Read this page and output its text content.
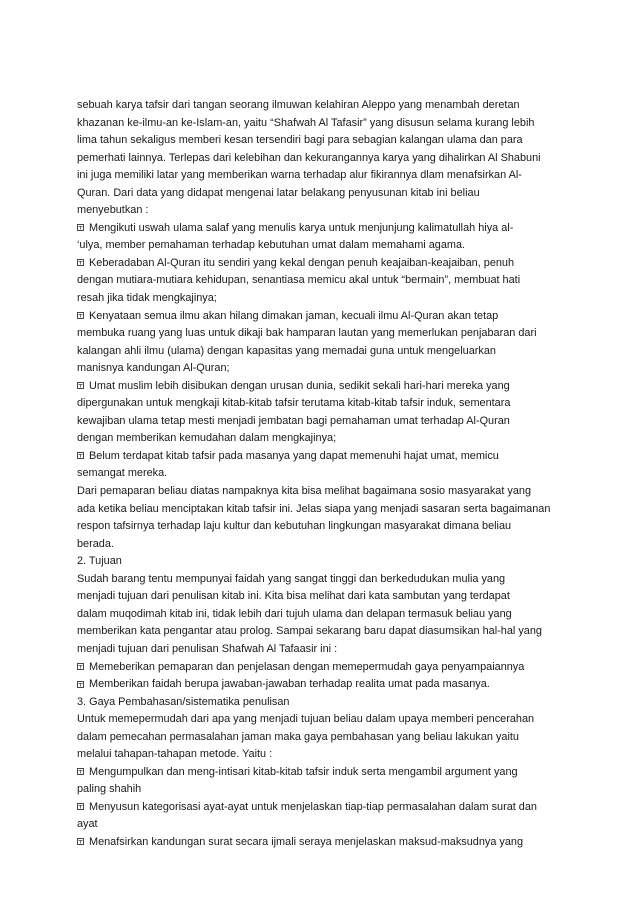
sebuah karya tafsir dari tangan seorang ilmuwan kelahiran Aleppo yang menambah deretan
khazanan ke-ilmu-an ke-Islam-an, yaitu “Shafwah Al Tafasir” yang disusun selama kurang lebih
lima tahun sekaligus memberi kesan tersendiri bagi para sebagian kalangan ulama dan para
pemerhati lainnya. Terlepas dari kelebihan dan kekurangannya karya yang dihalirkan Al Shabuni
ini juga memiliki latar yang memberikan warna terhadap alur fikirannya dlam menafsirkan Al-
Quran. Dari data yang didapat mengenai latar belakang penyusunan kitab ini beliau
menyebutkan :
Mengikuti uswah ulama salaf yang menulis karya untuk menjunjung kalimatullah hiya al-
‘ulya, member pemahaman terhadap kebutuhan umat dalam memahami agama.
Keberadaban Al-Quran itu sendiri yang kekal dengan penuh keajaiban-keajaiban, penuh
dengan mutiara-mutiara kehidupan, senantiasa memicu akal untuk “bermain”, membuat hati
resah jika tidak mengkajinya;
Kenyataan semua ilmu akan hilang dimakan jaman, kecuali ilmu Al-Quran akan tetap
membuka ruang yang luas untuk dikaji bak hamparan lautan yang memerlukan penjabaran dari
kalangan ahli ilmu (ulama) dengan kapasitas yang memadai guna untuk mengeluarkan
manisnya kandungan Al-Quran;
Umat muslim lebih disibukan dengan urusan dunia, sedikit sekali hari-hari mereka yang
dipergunakan untuk mengkaji kitab-kitab tafsir terutama kitab-kitab tafsir induk, sementara
kewajiban ulama tetap mesti menjadi jembatan bagi pemahaman umat terhadap Al-Quran
dengan memberikan kemudahan dalam mengkajinya;
Belum terdapat kitab tafsir pada masanya yang dapat memenuhi hajat umat, memicu
semangat mereka.
Dari pemaparan beliau diatas nampaknya kita bisa melihat bagaimana sosio masyarakat yang
ada ketika beliau menciptakan kitab tafsir ini. Jelas siapa yang menjadi sasaran serta bagaimanan
respon tafsirnya terhadap laju kultur dan kebutuhan lingkungan masyarakat dimana beliau
berada.
2. Tujuan
Sudah barang tentu mempunyai faidah yang sangat tinggi dan berkedudukan mulia yang
menjadi tujuan dari penulisan kitab ini. Kita bisa melihat dari kata sambutan yang terdapat
dalam muqodimah kitab ini, tidak lebih dari tujuh ulama dan delapan termasuk beliau yang
memberikan kata pengantar atau prolog. Sampai sekarang baru dapat diasumsikan hal-hal yang
menjadi tujuan dari penulisan Shafwah Al Tafaasir ini :
Memeberikan pemaparan dan penjelasan dengan memepermudah gaya penyampaiannya
Memberikan faidah berupa jawaban-jawaban terhadap realita umat pada masanya.
3. Gaya Pembahasan/sistematika penulisan
Untuk memepermudah dari apa yang menjadi tujuan beliau dalam upaya memberi pencerahan
dalam pemecahan permasalahan jaman maka gaya pembahasan yang beliau lakukan yaitu
melalui tahapan-tahapan metode. Yaitu :
Mengumpulkan dan meng-intisari kitab-kitab tafsir induk serta mengambil argument yang
paling shahih
Menyusun kategorisasi ayat-ayat untuk menjelaskan tiap-tiap permasalahan dalam surat dan
ayat
Menafsirkan kandungan surat secara ijmali seraya menjelaskan maksud-maksudnya yang
